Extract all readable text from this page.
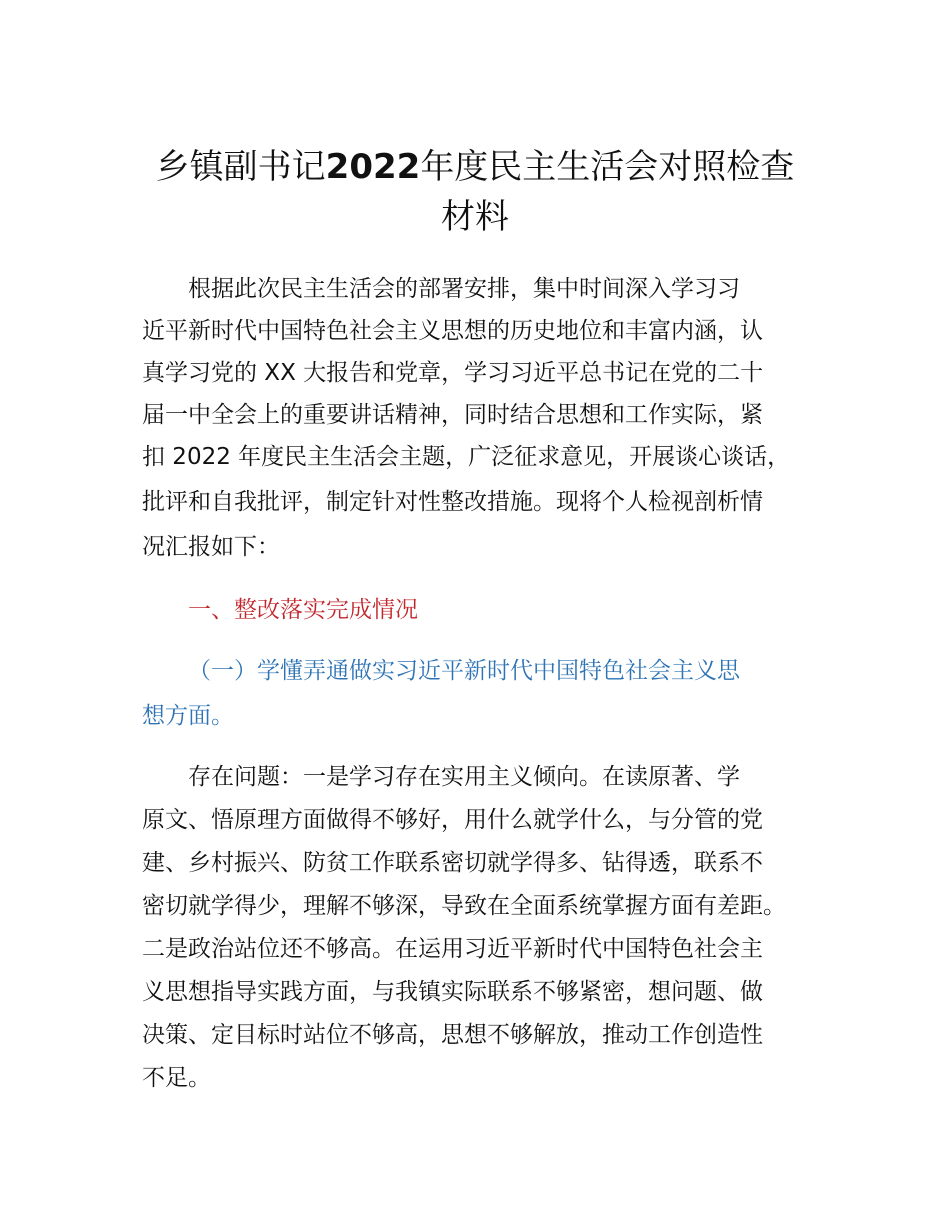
乡镇副书记2022年度民主生活会对照检查
材料

根据此次民主生活会的部署安排，集中时间深入学习习

近平新时代中国特色社会主义思想的历史地位和丰富内涵，认

真学习党的 XX 大报告和党章，学习习近平总书记在党的二十

届一中全会上的重要讲话精神，同时结合思想和工作实际，紧

扣 2022 年度民主生活会主题，广泛征求意见，开展谈心谈话，

批评和自我批评，制定针对性整改措施。现将个人检视剖析情

况汇报如下：

一、整改落实完成情况

（一）学懂弄通做实习近平新时代中国特色社会主义思

想方面。

存在问题：一是学习存在实用主义倾向。在读原著、学

原文、悟原理方面做得不够好，用什么就学什么，与分管的党

建、乡村振兴、防贫工作联系密切就学得多、钻得透，联系不

密切就学得少，理解不够深，导致在全面系统掌握方面有差距。

二是政治站位还不够高。在运用习近平新时代中国特色社会主

义思想指导实践方面，与我镇实际联系不够紧密，想问题、做

决策、定目标时站位不够高，思想不够解放，推动工作创造性

不足。
